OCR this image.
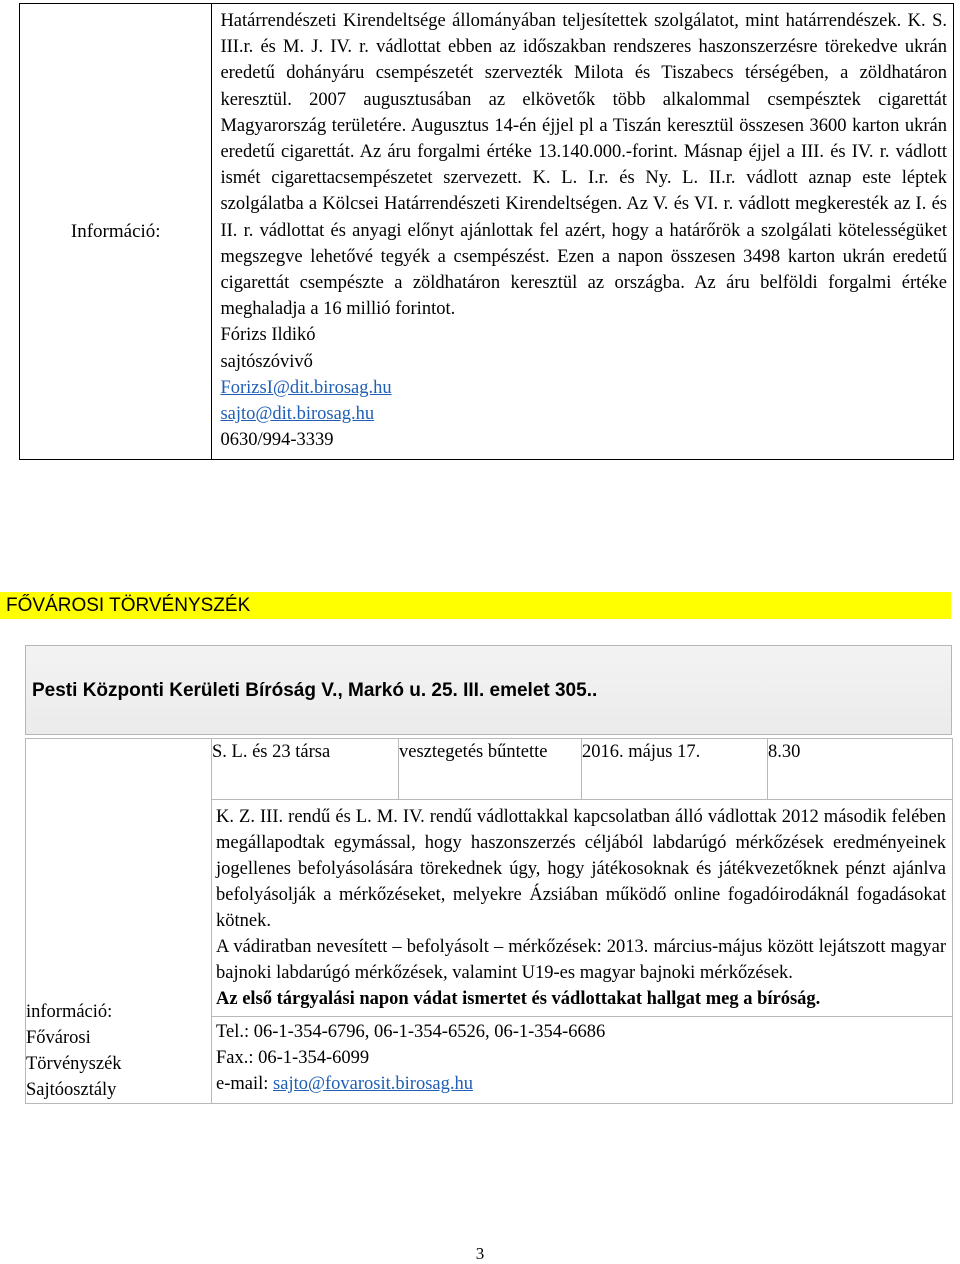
Információ:	
Határrendészeti Kirendeltsége állományában teljesítettek szolgálatot, mint határrendészek. K. S. III.r. és M. J. IV. r. vádlottat ebben az időszakban rendszeres haszonszerzésre törekedve ukrán eredetű dohányáru csempészetét szervezték Milota és Tiszabecs térségében, a zöldhatáron keresztül. 2007 augusztusában az elkövetők több alkalommal csempésztek cigarettát Magyarország területére. Augusztus 14-én éjjel pl a Tiszán keresztül összesen 3600 karton ukrán eredetű cigarettát. Az áru forgalmi értéke 13.140.000.-forint. Másnap éjjel a III. és IV. r. vádlott ismét cigarettacsempészetet szervezett. K. L. I.r. és Ny. L. II.r. vádlott aznap este léptek szolgálatba a Kölcsei Határrendészeti Kirendeltségen. Az V. és VI. r. vádlott megkeresték az I. és II. r. vádlottat és anyagi előnyt ajánlottak fel azért, hogy a határőrök a szolgálati kötelességüket megszegve lehetővé tegyék a csempészést. Ezen a napon összesen 3498 karton ukrán eredetű cigarettát csempészte a zöldhatáron keresztül az országba. Az áru belföldi forgalmi értéke meghaladja a 16 millió forintot.
Fórizs Ildikó
sajtószóvivő
ForizsI@dit.birosag.hu
sajto@dit.birosag.hu
0630/994-3339
FŐVÁROSI TÖRVÉNYSZÉK
Pesti Központi Kerületi Bíróság V., Markó u. 25. III. emelet 305..
információ:
Fővárosi
Törvényszék
Sajtóosztály
	S. L. és 23 társa	vesztegetés bűntette	2016. május 17.	8.30

K. Z. III. rendű és L. M. IV. rendű vádlottakkal kapcsolatban álló vádlottak 2012 második felében megállapodtak egymással, hogy haszonszerzés céljából labdarúgó mérkőzések eredményeinek jogellenes befolyásolására törekednek úgy, hogy játékosoknak és játékvezetőknek pénzt ajánlva befolyásolják a mérkőzéseket, melyekre Ázsiában működő online fogadóirodáknál fogadásokat kötnek.
A vádiratban nevesített – befolyásolt – mérkőzések: 2013. március-május között lejátszott magyar bajnoki labdarúgó mérkőzések, valamint U19-es magyar bajnoki mérkőzések.
Az első tárgyalási napon vádat ismertet és vádlottakat hallgat meg a bíróság.
Tel.: 06-1-354-6796, 06-1-354-6526, 06-1-354-6686
Fax.: 06-1-354-6099
e-mail: sajto@fovarosit.birosag.hu
3
